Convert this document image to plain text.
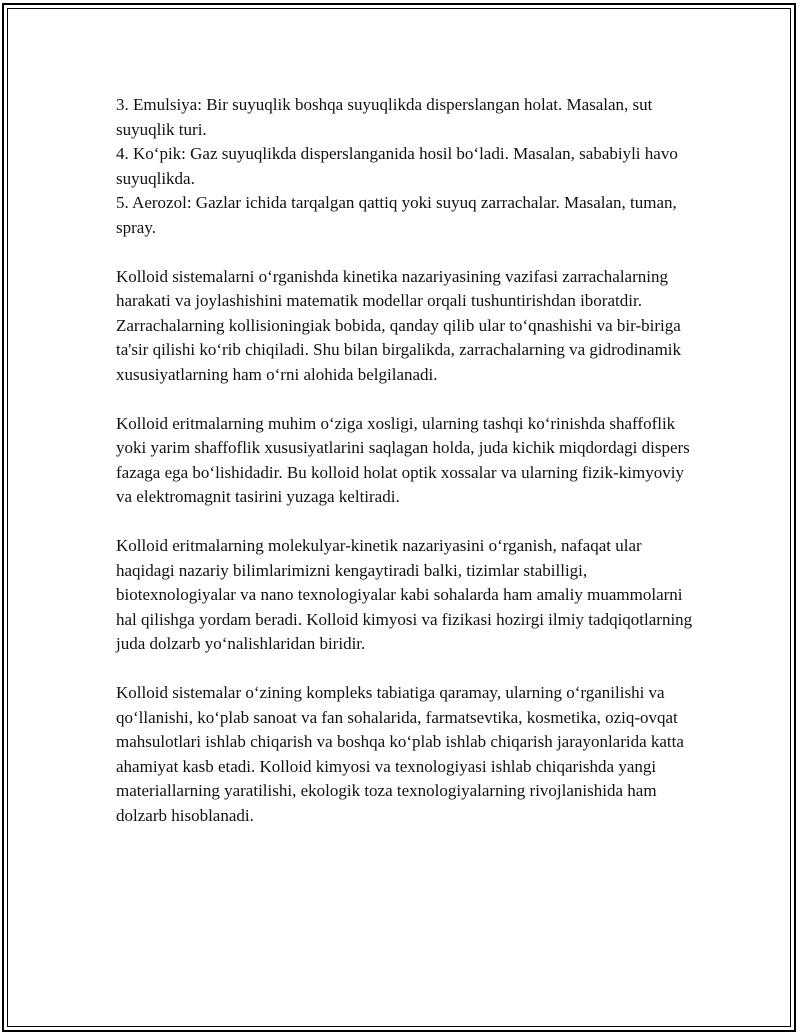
3. Emulsiya: Bir suyuqlik boshqa suyuqlikda disperslangan holat. Masalan, sut suyuqlik turi.

4. Ko‘pik: Gaz suyuqlikda disperslanganida hosil bo‘ladi. Masalan, sababiyli havo suyuqlikda.

5. Aerozol: Gazlar ichida tarqalgan qattiq yoki suyuq zarrachalar. Masalan, tuman, spray.

Kolloid sistemalarni o‘rganishda kinetika nazariyasining vazifasi zarrachalarning harakati va joylashishini matematik modellar orqali tushuntirishdan iboratdir. Zarrachalarning kollisioningiak bobida, qanday qilib ular to‘qnashishi va bir-biriga ta'sir qilishi ko‘rib chiqiladi. Shu bilan birgalikda, zarrachalarning va gidrodinamik xususiyatlarning ham o‘rni alohida belgilanadi.

Kolloid eritmalarning muhim o‘ziga xosligi, ularning tashqi ko‘rinishda shaffoflik yoki yarim shaffoflik xususiyatlarini saqlagan holda, juda kichik miqdordagi dispers fazaga ega bo‘lishidadir. Bu kolloid holat optik xossalar va ularning fizik-kimyoviy va elektromagnit tasirini yuzaga keltiradi.

Kolloid eritmalarning molekulyar-kinetik nazariyasini o‘rganish, nafaqat ular haqidagi nazariy bilimlarimizni kengaytiradi balki, tizimlar stabilligi, biotexnologiyalar va nano texnologiyalar kabi sohalarda ham amaliy muammolarni hal qilishga yordam beradi. Kolloid kimyosi va fizikasi hozirgi ilmiy tadqiqotlarning juda dolzarb yo‘nalishlaridan biridir.

Kolloid sistemalar o‘zining kompleks tabiatiga qaramay, ularning o‘rganilishi va qo‘llanishi, ko‘plab sanoat va fan sohalarida, farmatsevtika, kosmetika, oziq-ovqat mahsulotlari ishlab chiqarish va boshqa ko‘plab ishlab chiqarish jarayonlarida katta ahamiyat kasb etadi. Kolloid kimyosi va texnologiyasi ishlab chiqarishda yangi materiallarning yaratilishi, ekologik toza texnologiyalarning rivojlanishida ham dolzarb hisoblanadi.
